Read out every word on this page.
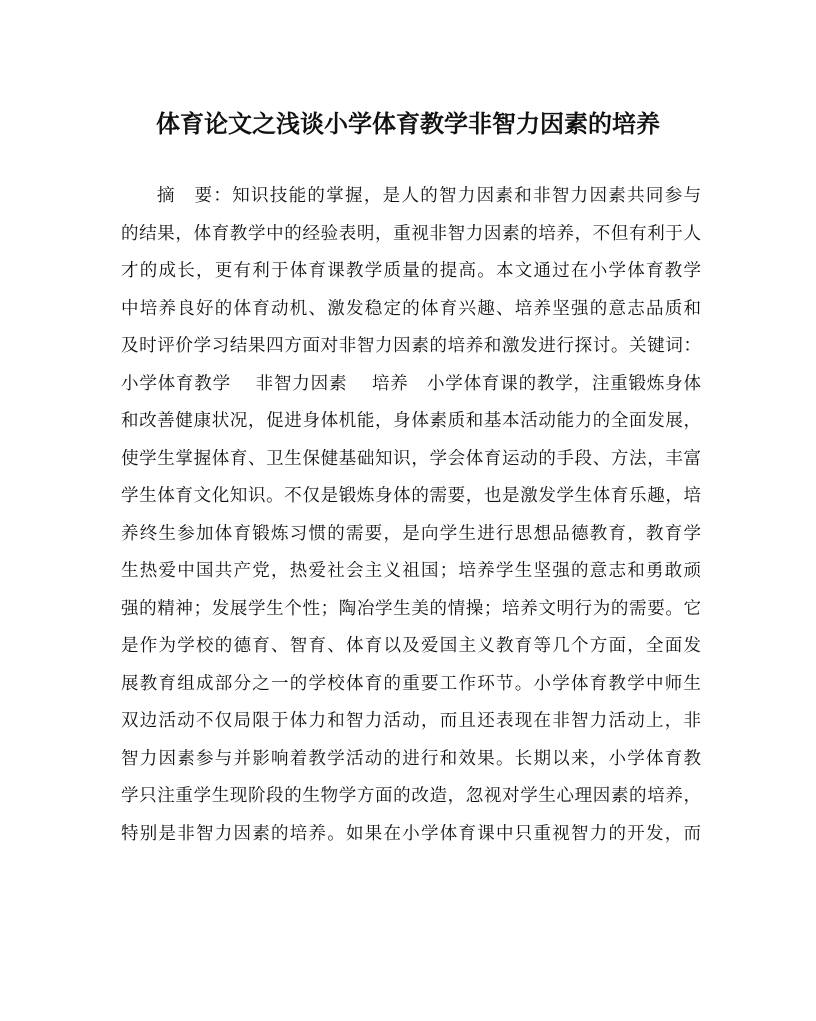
体育论文之浅谈小学体育教学非智力因素的培养
摘　要：知识技能的掌握，是人的智力因素和非智力因素共同参与
的结果，体育教学中的经验表明，重视非智力因素的培养，不但有利于人
才的成长，更有利于体育课教学质量的提高。本文通过在小学体育教学
中培养良好的体育动机、激发稳定的体育兴趣、培养坚强的意志品质和
及时评价学习结果四方面对非智力因素的培养和激发进行探讨。关键词：
小学体育教学　 非智力因素　 培养　小学体育课的教学，注重锻炼身体
和改善健康状况，促进身体机能，身体素质和基本活动能力的全面发展，
使学生掌握体育、卫生保健基础知识，学会体育运动的手段、方法，丰富
学生体育文化知识。不仅是锻炼身体的需要，也是激发学生体育乐趣，培
养终生参加体育锻炼习惯的需要，是向学生进行思想品德教育，教育学
生热爱中国共产党，热爱社会主义祖国；培养学生坚强的意志和勇敢顽
强的精神；发展学生个性；陶冶学生美的情操；培养文明行为的需要。它
是作为学校的德育、智育、体育以及爱国主义教育等几个方面，全面发
展教育组成部分之一的学校体育的重要工作环节。小学体育教学中师生
双边活动不仅局限于体力和智力活动，而且还表现在非智力活动上，非
智力因素参与并影响着教学活动的进行和效果。长期以来，小学体育教
学只注重学生现阶段的生物学方面的改造，忽视对学生心理因素的培养，
特别是非智力因素的培养。如果在小学体育课中只重视智力的开发，而
